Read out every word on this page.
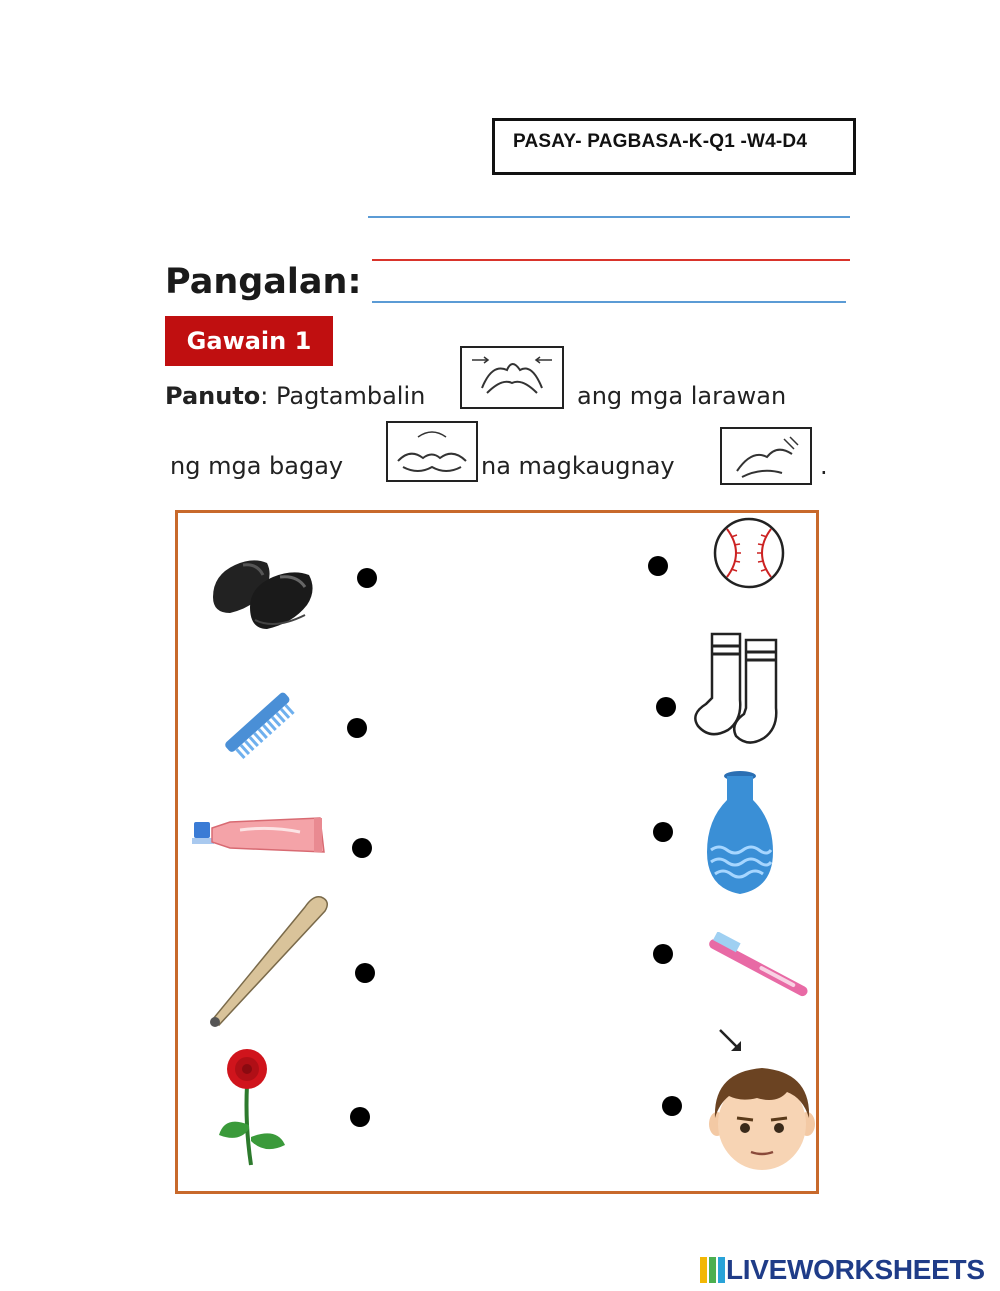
PASAY- PAGBASA-K-Q1 -W4-D4
Pangalan:
Gawain 1
Panuto: Pagtambalin	ang mga larawan
ng mga bagay	na magkaugnay	.
LIVEWORKSHEETS
